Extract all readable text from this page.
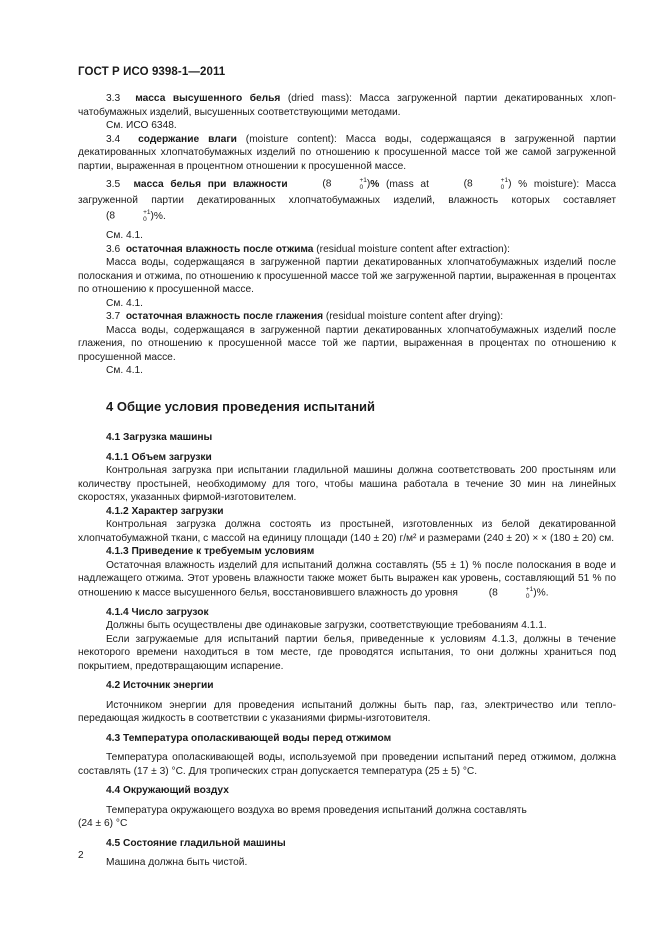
ГОСТ Р ИСО 9398-1—2011

3.3 масса высушенного белья (dried mass): Масса загруженной партии декатированных хлопчатобумажных изделий, высушенных соответствующими методами.

См. ИСО 6348.

3.4 содержание влаги (moisture content): Масса воды, содержащаяся в загруженной партии декатированных хлопчатобумажных изделий по отношению к просушенной массе той же самой загруженной партии, выраженная в процентном отношении к просушенной массе.

3.5 масса белья при влажности	(8	+1
0 )% (mass at	(8	+1
0 ) % moisture): Масса загруженной партии декатированных хлопчатобумажных изделий, влажность которых составляет (8	+1
0 )%.

См. 4.1.

3.6 остаточная влажность после отжима (residual moisture content after extraction):

Масса воды, содержащаяся в загруженной партии декатированных хлопчатобумажных изделий после полоскания и отжима, по отношению к просушенной массе той же загруженной партии, выраженная в процентах по отношению к просушенной массе.

См. 4.1.

3.7 остаточная влажность после глажения (residual moisture content after drying):

Масса воды, содержащаяся в загруженной партии декатированных хлопчатобумажных изделий после глажения, по отношению к просушенной массе той же партии, выраженная в процентах по отношению к просушенной массе.

См. 4.1.

4 Общие условия проведения испытаний

4.1 Загрузка машины

4.1.1 Объем загрузки

Контрольная загрузка при испытании гладильной машины должна соответствовать 200 простыням или количеству простыней, необходимому для того, чтобы машина работала в течение 30 мин на линейных скоростях, указанных фирмой-изготовителем.

4.1.2 Характер загрузки

Контрольная загрузка должна состоять из простыней, изготовленных из белой декатированной хлопчатобумажной ткани, с массой на единицу площади (140 ± 20) г/м² и размерами (240 ± 20) × × (180 ± 20) см.

4.1.3 Приведение к требуемым условиям

Остаточная влажность изделий для испытаний должна составлять (55 ± 1) % после полоскания в воде и надлежащего отжима. Этот уровень влажности также может быть выражен как уровень, составляющий 51 % по отношению к массе высушенного белья, восстановившего влажность до уровня	(8	+1
0 )%.

4.1.4 Число загрузок

Должны быть осуществлены две одинаковые загрузки, соответствующие требованиям 4.1.1.

Если загружаемые для испытаний партии белья, приведенные к условиям 4.1.3, должны в течение некоторого времени находиться в том месте, где проводятся испытания, то они должны храниться под покрытием, предотвращающим испарение.

4.2 Источник энергии

Источником энергии для проведения испытаний должны быть пар, газ, электричество или теплопередающая жидкость в соответствии с указаниями фирмы-изготовителя.

4.3 Температура ополаскивающей воды перед отжимом

Температура ополаскивающей воды, используемой при проведении испытаний перед отжимом, должна составлять (17 ± 3) °С. Для тропических стран допускается температура (25 ± 5) °С.

4.4 Окружающий воздух

Температура окружающего воздуха во время проведения испытаний должна составлять

(24 ± 6) °С

4.5 Состояние гладильной машины

Машина должна быть чистой.

2
